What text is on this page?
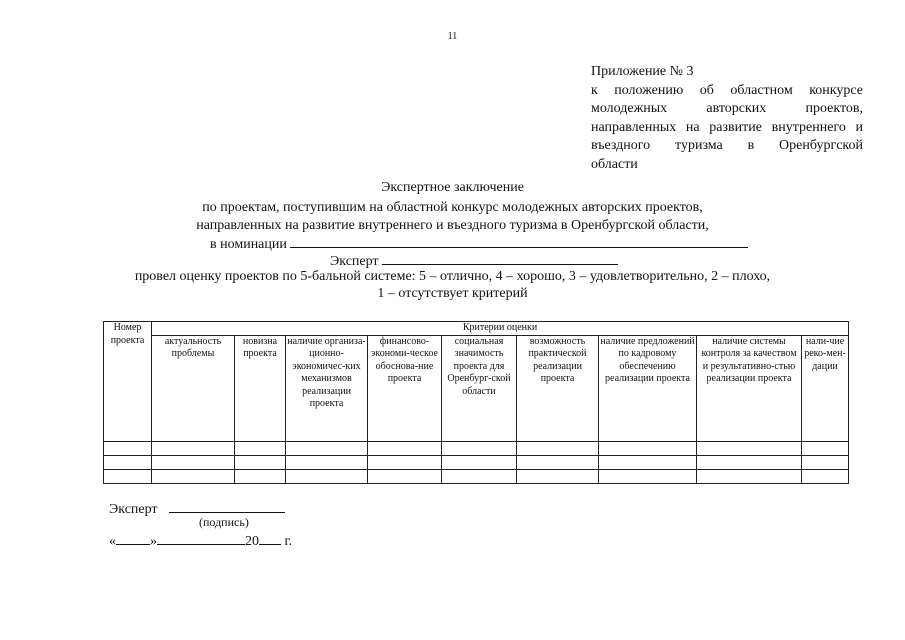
11
Приложение № 3
к положению об областном конкурсе
молодежных авторских проектов,
направленных на развитие внутреннего и
въездного туризма в Оренбургской
области
Экспертное заключение
по проектам, поступившим на областной конкурс молодежных авторских проектов,
направленных на развитие внутреннего и въездного туризма в Оренбургской области,
в номинации
Эксперт
провел оценку проектов по 5-бальной системе: 5 – отлично, 4 – хорошо, 3 – удовлетворительно, 2 – плохо,
1 – отсутствует критерий
Номер проекта	Критерии оценки								
	актуальность проблемы	новизна проекта	наличие организа-ционно-экономичес-ких механизмов реализации проекта	финансово-экономи-ческое обоснова-ние проекта	социальная значимость проекта для Оренбург-ской области	возможность практической реализации проекта	наличие предложений по кадровому обеспечению реализации проекта	наличие системы контроля за качеством и результативно-стью реализации проекта	нали-чие реко-мен-дации

Эксперт
(подпись)
« »	20 г.
